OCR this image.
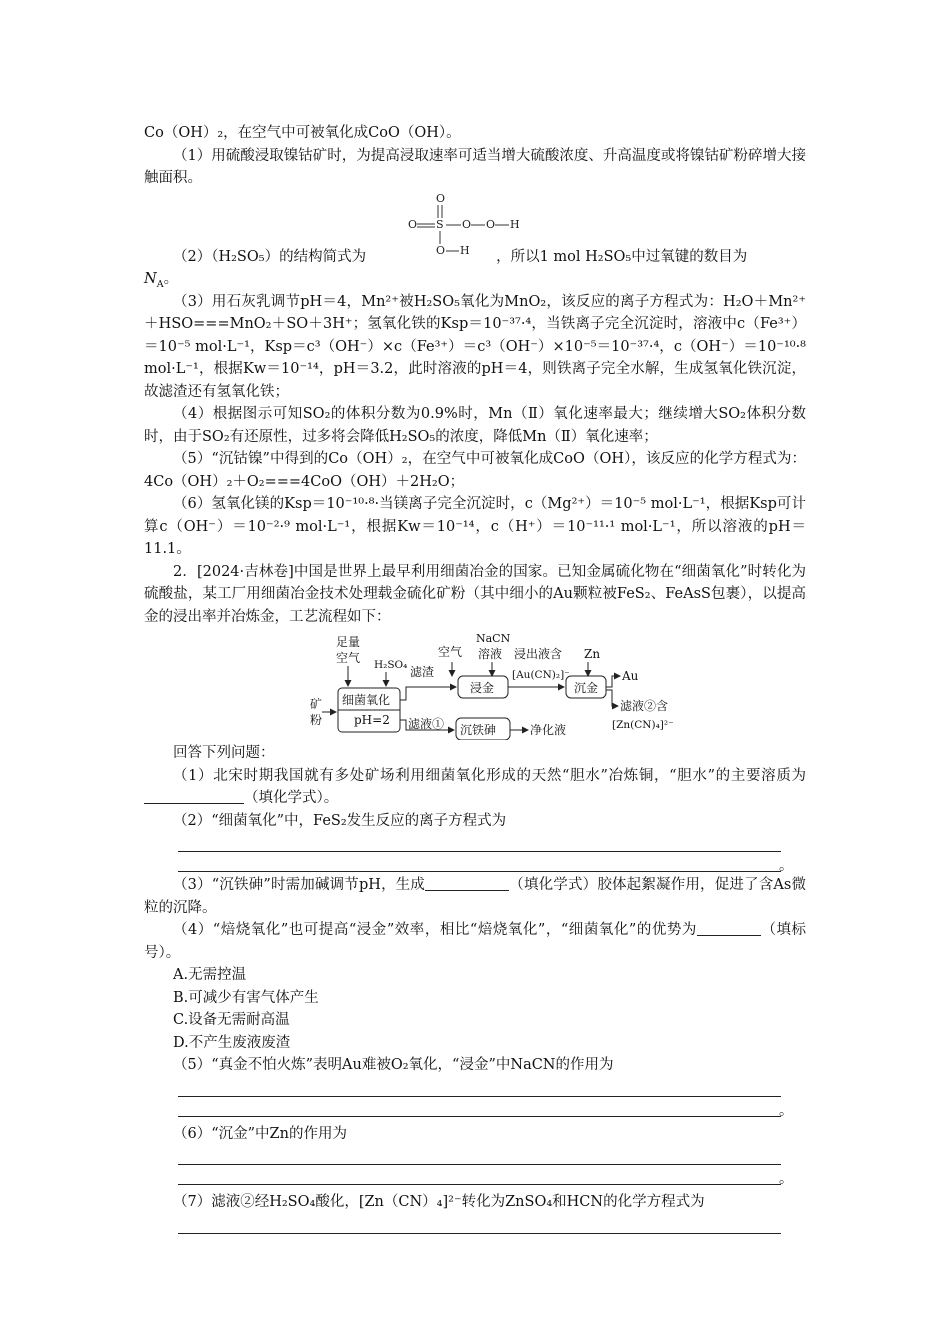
Co（OH）₂，在空气中可被氧化成CoO（OH）。

（1）用硫酸浸取镍钴矿时，为提高浸取速率可适当增大硫酸浓度、升高温度或将镍钴矿粉碎增大接触面积。

O
O S O O H
O H

（2）（H₂SO₅）的结构简式为	，所以1 mol H₂SO₅中过氧键的数目为

$N_A$。

（3）用石灰乳调节pH＝4，Mn²⁺被H₂SO₅氧化为MnO₂，该反应的离子方程式为：H₂O＋Mn²⁺＋HSO===MnO₂＋SO＋3H⁺；氢氧化铁的Ksp＝10⁻³⁷·⁴，当铁离子完全沉淀时，溶液中c（Fe³⁺）＝10⁻⁵ mol·L⁻¹，Ksp＝c³（OH⁻）×c（Fe³⁺）＝c³（OH⁻）×10⁻⁵＝10⁻³⁷·⁴，c（OH⁻）＝10⁻¹⁰·⁸ mol·L⁻¹，根据Kw＝10⁻¹⁴，pH＝3.2，此时溶液的pH＝4，则铁离子完全水解，生成氢氧化铁沉淀，故滤渣还有氢氧化铁；

（4）根据图示可知SO₂的体积分数为0.9%时，Mn（Ⅱ）氧化速率最大；继续增大SO₂体积分数时，由于SO₂有还原性，过多将会降低H₂SO₅的浓度，降低Mn（Ⅱ）氧化速率；

（5）“沉钴镍”中得到的Co（OH）₂，在空气中可被氧化成CoO（OH），该反应的化学方程式为：4Co（OH）₂＋O₂===4CoO（OH）＋2H₂O；

（6）氢氧化镁的Ksp＝10⁻¹⁰·⁸·当镁离子完全沉淀时，c（Mg²⁺）＝10⁻⁵ mol·L⁻¹，根据Ksp可计算c（OH⁻）＝10⁻²·⁹ mol·L⁻¹，根据Kw＝10⁻¹⁴，c（H⁺）＝10⁻¹¹·¹ mol·L⁻¹，所以溶液的pH＝11.1。

2．[2024·吉林卷]中国是世界上最早利用细菌冶金的国家。已知金属硫化物在“细菌氧化”时转化为硫酸盐，某工厂用细菌冶金技术处理载金硫化矿粉（其中细小的Au颗粒被FeS₂、FeAsS包裹），以提高金的浸出率并冶炼金，工艺流程如下：

足量
空气 H₂SO₄
矿
粉
细菌氧化
pH=2
滤渣
滤液①
空气
NaCN
溶液
浸金
浸出液含
[Au(CN)₂]⁻
Zn
沉金
Au
滤液②含
[Zn(CN)₄]²⁻
沉铁砷	净化液

回答下列问题：

（1）北宋时期我国就有多处矿场利用细菌氧化形成的天然“胆水”冶炼铜，“胆水”的主要溶质为（填化学式）。

（2）“细菌氧化”中，FeS₂发生反应的离子方程式为

。

（3）“沉铁砷”时需加碱调节pH，生成	（填化学式）胶体起絮凝作用，促进了含As微粒的沉降。

（4）“焙烧氧化”也可提高“浸金”效率，相比“焙烧氧化”，“细菌氧化”的优势为	（填标号）。

A.无需控温

B.可减少有害气体产生

C.设备无需耐高温

D.不产生废液废渣

（5）“真金不怕火炼”表明Au难被O₂氧化，“浸金”中NaCN的作用为

。

（6）“沉金”中Zn的作用为

。

（7）滤液②经H₂SO₄酸化，[Zn（CN）₄]²⁻转化为ZnSO₄和HCN的化学方程式为
